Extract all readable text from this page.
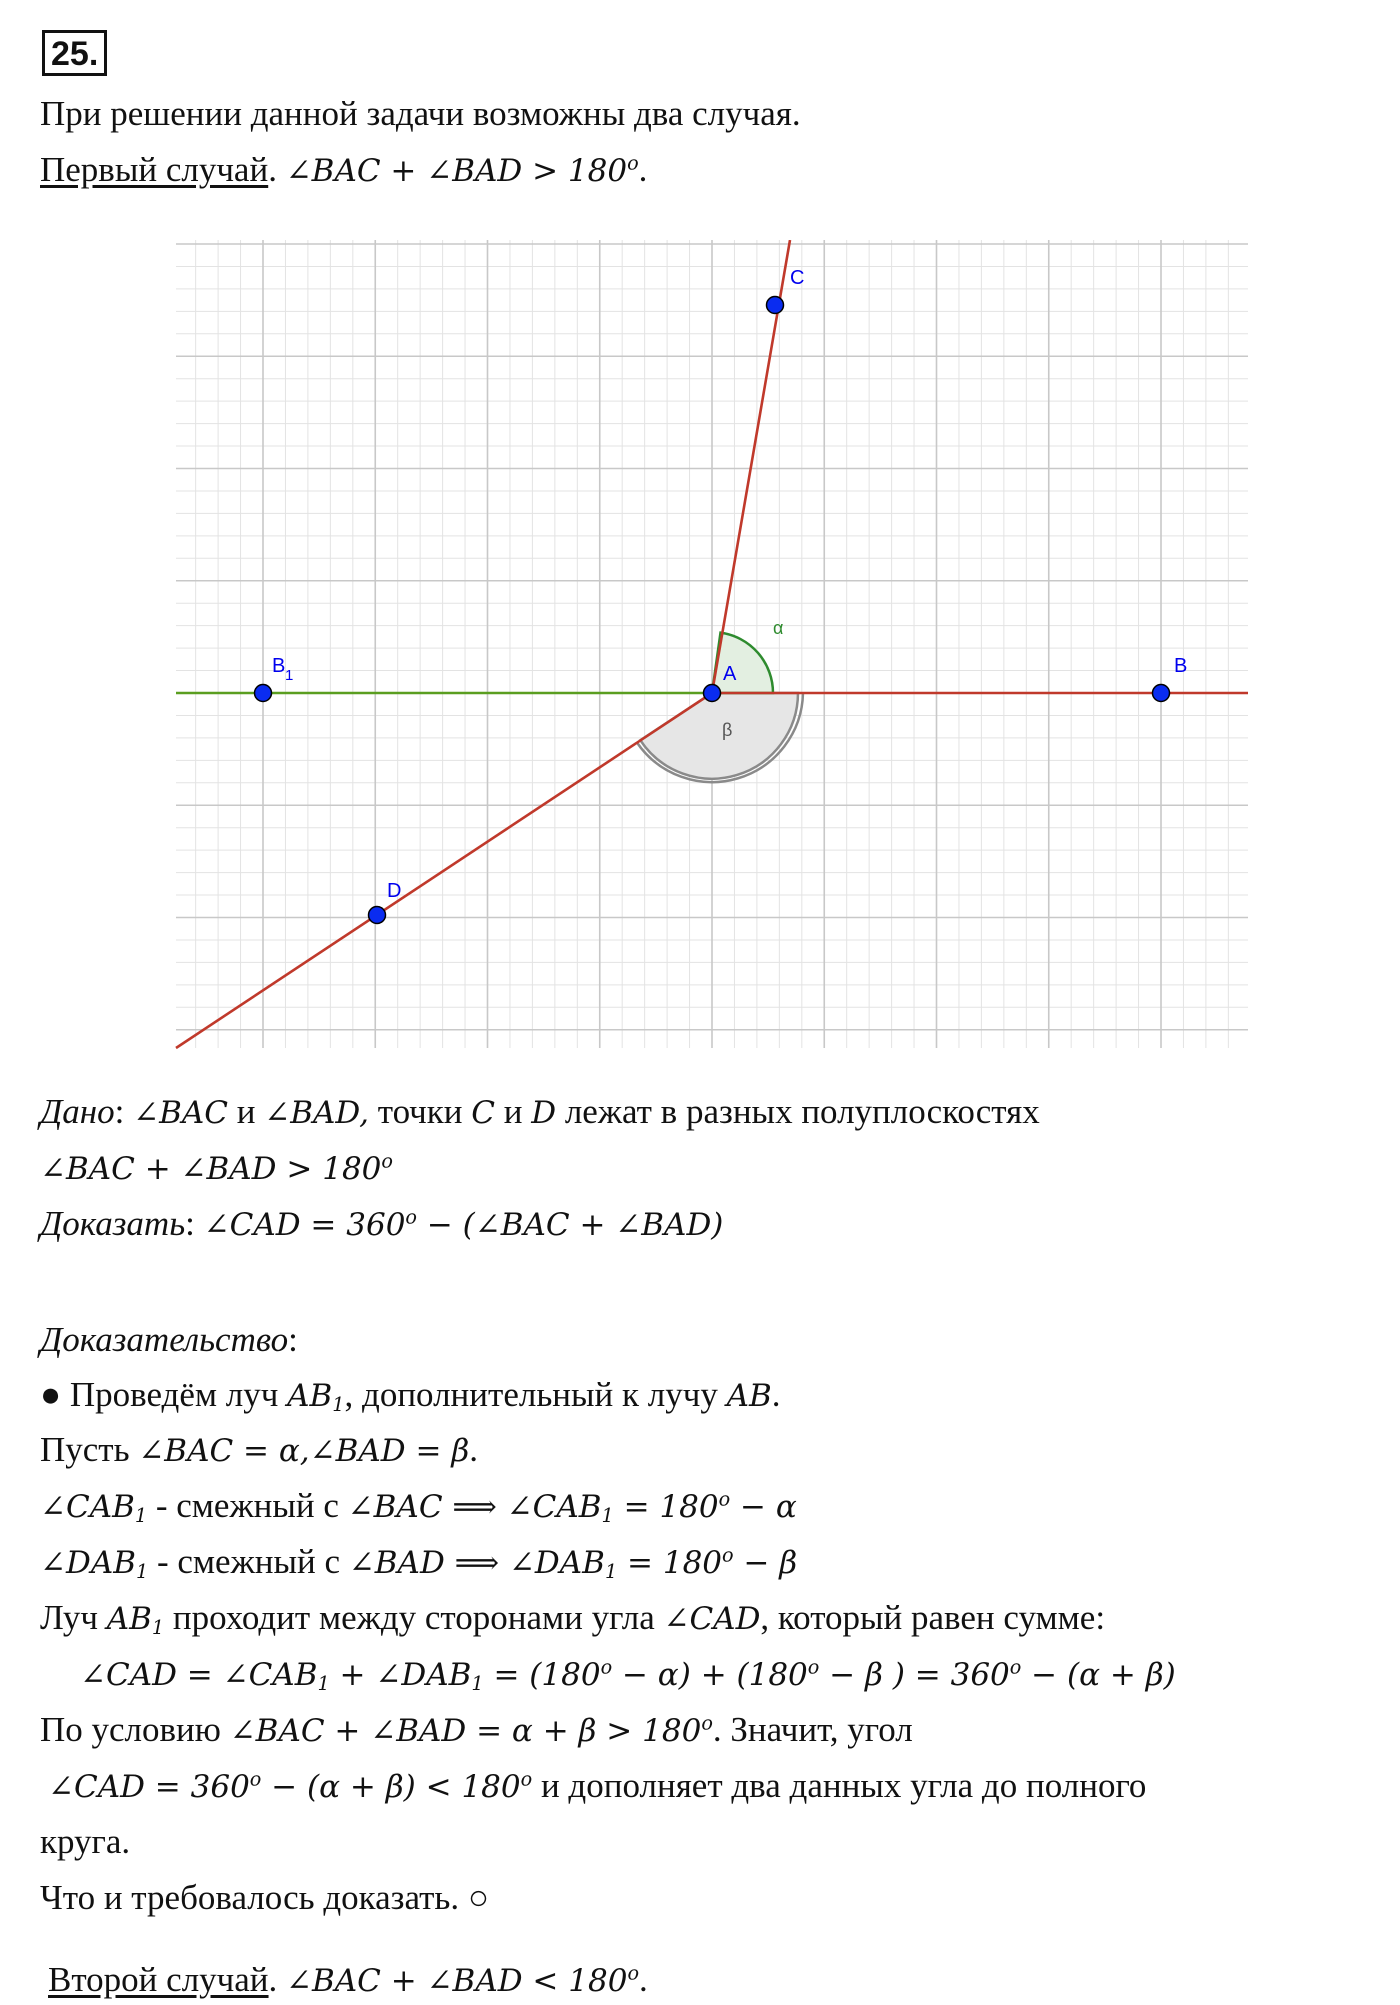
25.
При решении данной задачи возможны два случая.
Первый случай. ∠BAC + ∠BAD > $180^o$.
A	B
B 1
C
D
α
β
Дано: ∠BAC и ∠BAD, точки C и D лежат в разных полуплоскостях
∠BAC + ∠BAD > $180^o$
Доказать: ∠CAD = $360^o$ − (∠BAC + ∠BAD)
Доказательство:
● Проведём луч $AB_1$, дополнительный к лучу AB.
Пусть ∠BAC = α,∠BAD = β.
$\angle CAB_1$ - смежный с ∠BAC ⟹ $\angle CAB_1 = 180^o - \alpha$
$\angle DAB_1$ - смежный с ∠BAD ⟹ $\angle DAB_1 = 180^o - \beta$
Луч $AB_1$ проходит между сторонами угла ∠CAD, который равен сумме:
∠CAD = $\angle CAB_1$ + $\angle DAB_1 = (180^o - \alpha) + (180^o - \beta$ ) = $360^o - (\alpha + \beta)$
По условию ∠BAC + ∠BAD = $\alpha + \beta > 180^o$. Значит, угол
∠CAD = $360^o - (\alpha + \beta) < 180^o$ и дополняет два данных угла до полного
круга.
Что и требовалось доказать. ○
Второй случай. ∠BAC + ∠BAD < $180^o$.
